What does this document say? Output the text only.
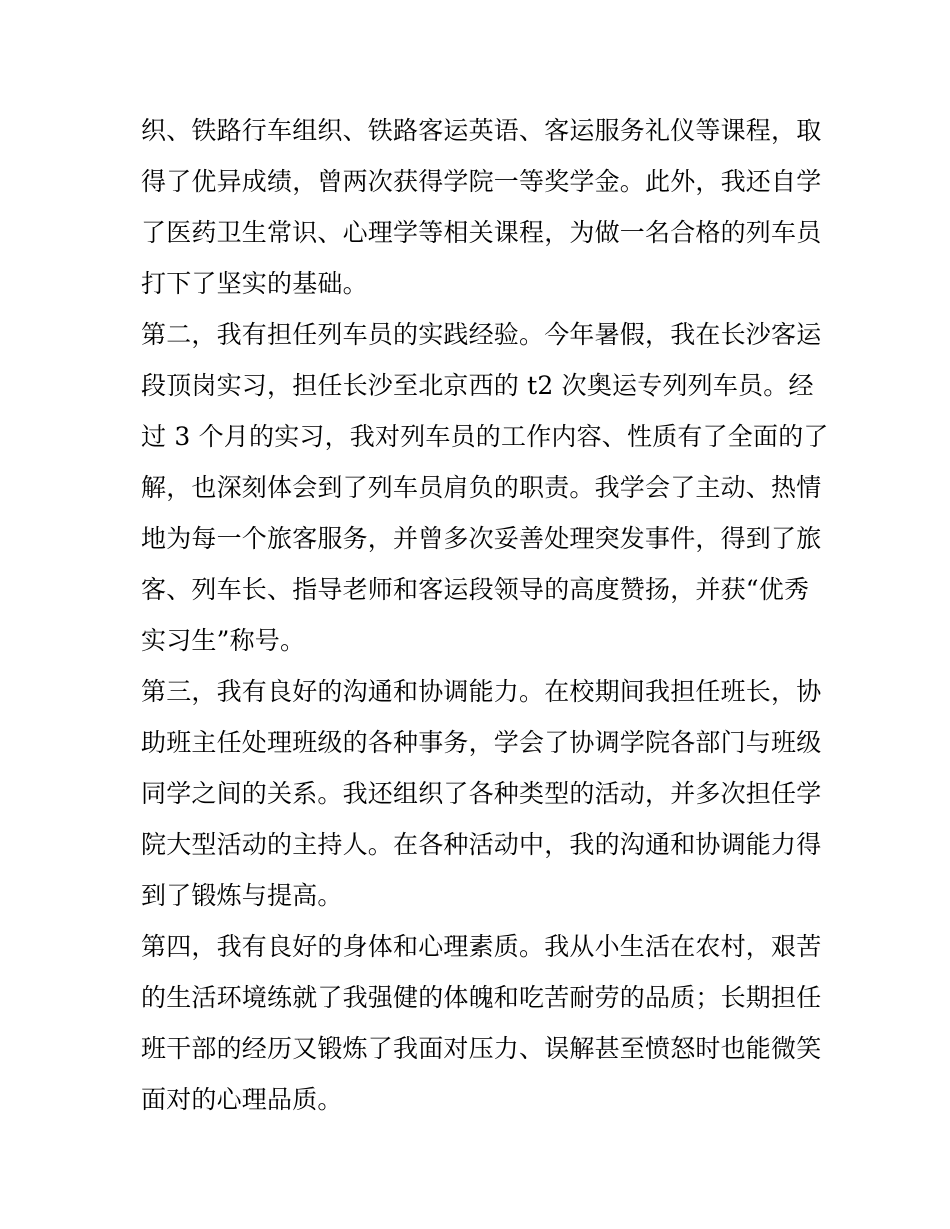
织、铁路行车组织、铁路客运英语、客运服务礼仪等课程，取
得了优异成绩，曾两次获得学院一等奖学金。此外，我还自学
了医药卫生常识、心理学等相关课程，为做一名合格的列车员
打下了坚实的基础。
第二，我有担任列车员的实践经验。今年暑假，我在长沙客运
段顶岗实习，担任长沙至北京西的 t2 次奥运专列列车员。经
过 3 个月的实习，我对列车员的工作内容、性质有了全面的了
解，也深刻体会到了列车员肩负的职责。我学会了主动、热情
地为每一个旅客服务，并曾多次妥善处理突发事件，得到了旅
客、列车长、指导老师和客运段领导的高度赞扬，并获“优秀
实习生”称号。
第三，我有良好的沟通和协调能力。在校期间我担任班长，协
助班主任处理班级的各种事务，学会了协调学院各部门与班级
同学之间的关系。我还组织了各种类型的活动，并多次担任学
院大型活动的主持人。在各种活动中，我的沟通和协调能力得
到了锻炼与提高。
第四，我有良好的身体和心理素质。我从小生活在农村，艰苦
的生活环境练就了我强健的体魄和吃苦耐劳的品质；长期担任
班干部的经历又锻炼了我面对压力、误解甚至愤怒时也能微笑
面对的心理品质。
